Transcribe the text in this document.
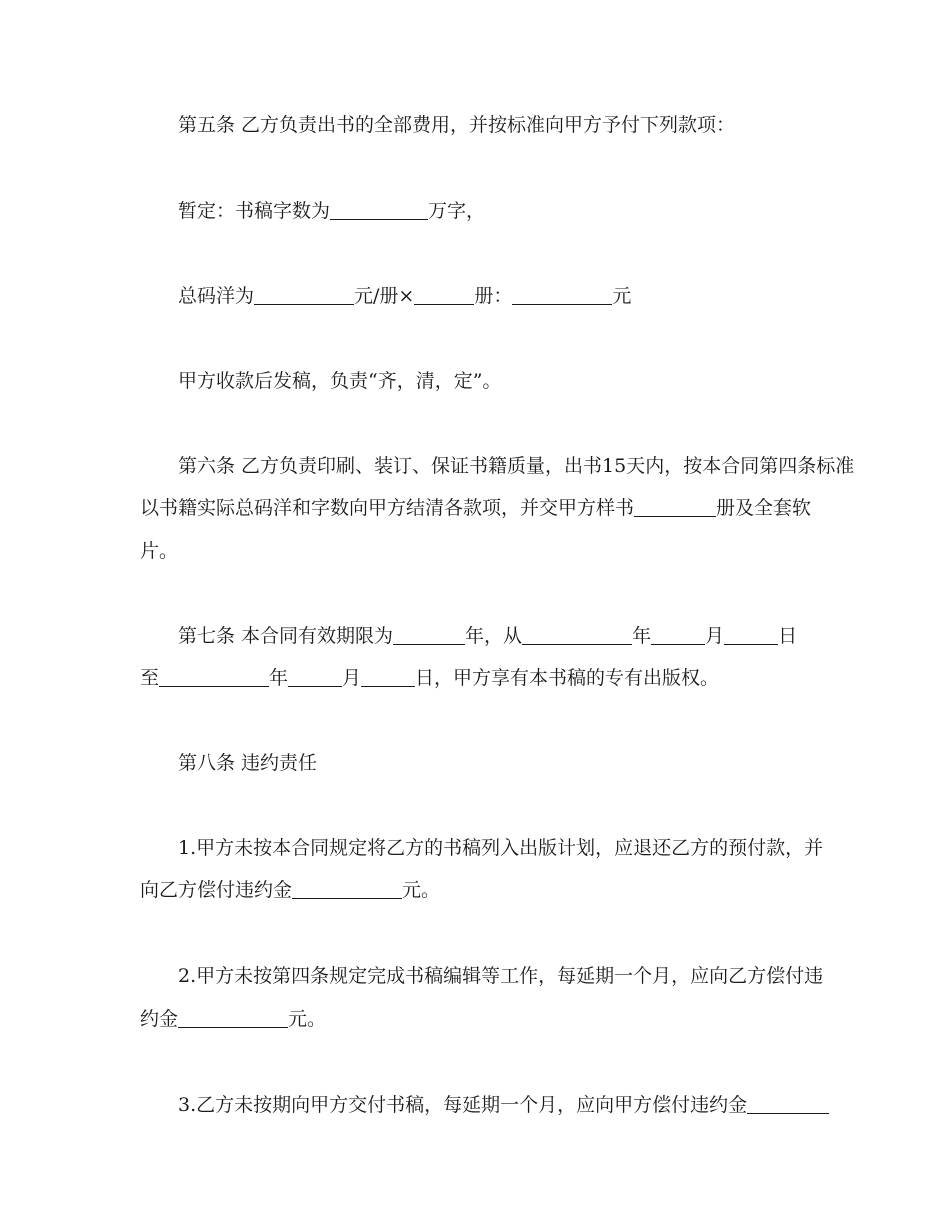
第五条 乙方负责出书的全部费用，并按标准向甲方予付下列款项：
暂定：书稿字数为	万字，
总码洋为	元/册×	册：	元
甲方收款后发稿，负责“齐，清，定”。
第六条 乙方负责印刷、装订、保证书籍质量，出书15天内，按本合同第四条标准
以书籍实际总码洋和字数向甲方结清各款项，并交甲方样书	册及全套软
片。
第七条 本合同有效期限为	年，从	年	月	日
至	年	月	日，甲方享有本书稿的专有出版权。
第八条 违约责任
1.甲方未按本合同规定将乙方的书稿列入出版计划，应退还乙方的预付款，并
向乙方偿付违约金	元。
2.甲方未按第四条规定完成书稿编辑等工作，每延期一个月，应向乙方偿付违
约金	元。
3.乙方未按期向甲方交付书稿，每延期一个月，应向甲方偿付违约金
